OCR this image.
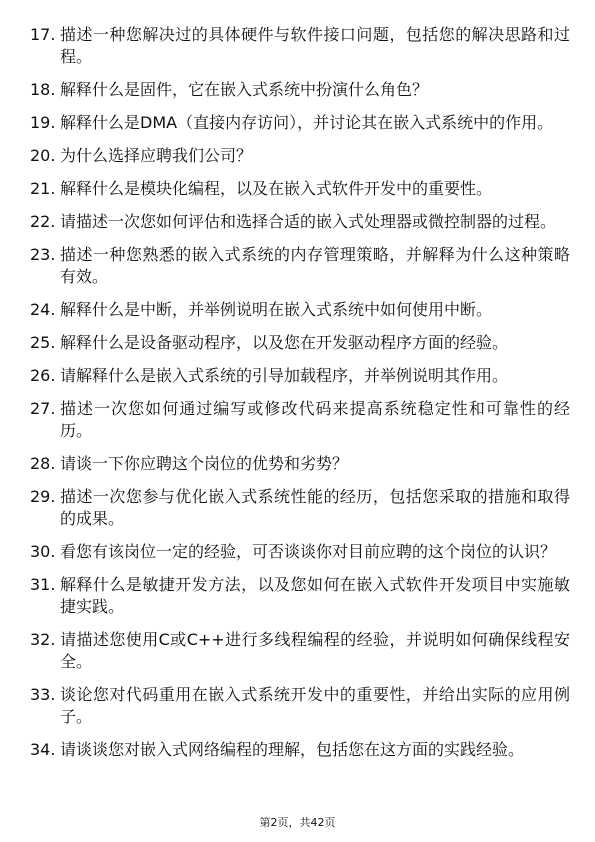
17. 描述一种您解决过的具体硬件与软件接口问题，包括您的解决思路和过程。
18. 解释什么是固件，它在嵌入式系统中扮演什么角色？
19. 解释什么是DMA（直接内存访问），并讨论其在嵌入式系统中的作用。
20. 为什么选择应聘我们公司？
21. 解释什么是模块化编程，以及在嵌入式软件开发中的重要性。
22. 请描述一次您如何评估和选择合适的嵌入式处理器或微控制器的过程。
23. 描述一种您熟悉的嵌入式系统的内存管理策略，并解释为什么这种策略有效。
24. 解释什么是中断，并举例说明在嵌入式系统中如何使用中断。
25. 解释什么是设备驱动程序，以及您在开发驱动程序方面的经验。
26. 请解释什么是嵌入式系统的引导加载程序，并举例说明其作用。
27. 描述一次您如何通过编写或修改代码来提高系统稳定性和可靠性的经历。
28. 请谈一下你应聘这个岗位的优势和劣势？
29. 描述一次您参与优化嵌入式系统性能的经历，包括您采取的措施和取得的成果。
30. 看您有该岗位一定的经验，可否谈谈你对目前应聘的这个岗位的认识？
31. 解释什么是敏捷开发方法，以及您如何在嵌入式软件开发项目中实施敏捷实践。
32. 请描述您使用C或C++进行多线程编程的经验，并说明如何确保线程安全。
33. 谈论您对代码重用在嵌入式系统开发中的重要性，并给出实际的应用例子。
34. 请谈谈您对嵌入式网络编程的理解，包括您在这方面的实践经验。
第2页，共42页
